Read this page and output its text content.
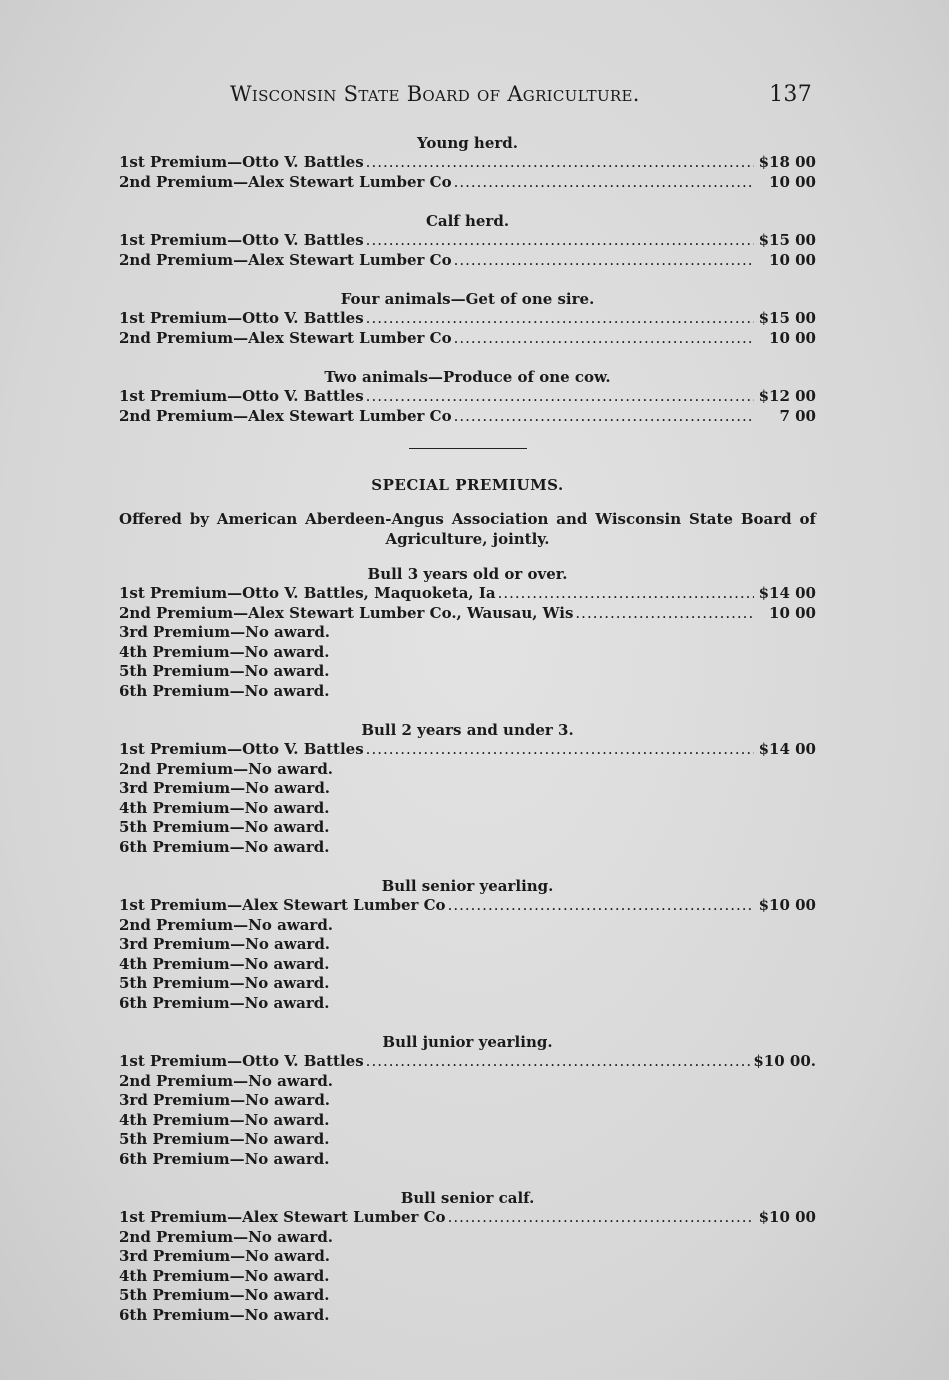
Wisconsin State Board of Agriculture.	137
Young herd.
1st Premium—Otto V. Battles .....	$18 00
2nd Premium—Alex Stewart Lumber Co .....	10 00
Calf herd.
1st Premium—Otto V. Battles .....	$15 00
2nd Premium—Alex Stewart Lumber Co .....	10 00
Four animals—Get of one sire.
1st Premium—Otto V. Battles .....	$15 00
2nd Premium—Alex Stewart Lumber Co .....	10 00
Two animals—Produce of one cow.
1st Premium—Otto V. Battles .....	$12 00
2nd Premium—Alex Stewart Lumber Co .....	7 00
SPECIAL PREMIUMS.
Offered by American Aberdeen-Angus Association and Wisconsin State Board of Agriculture, jointly.
Bull 3 years old or over.
1st Premium—Otto V. Battles, Maquoketa, Ia .....	$14 00
2nd Premium—Alex Stewart Lumber Co., Wausau, Wis .....	10 00
3rd Premium—No award.
4th Premium—No award.
5th Premium—No award.
6th Premium—No award.
Bull 2 years and under 3.
1st Premium—Otto V. Battles .....	$14 00
2nd Premium—No award.
3rd Premium—No award.
4th Premium—No award.
5th Premium—No award.
6th Premium—No award.
Bull senior yearling.
1st Premium—Alex Stewart Lumber Co .....	$10 00
2nd Premium—No award.
3rd Premium—No award.
4th Premium—No award.
5th Premium—No award.
6th Premium—No award.
Bull junior yearling.
1st Premium—Otto V. Battles .....	$10 00.
2nd Premium—No award.
3rd Premium—No award.
4th Premium—No award.
5th Premium—No award.
6th Premium—No award.
Bull senior calf.
1st Premium—Alex Stewart Lumber Co .....	$10 00
2nd Premium—No award.
3rd Premium—No award.
4th Premium—No award.
5th Premium—No award.
6th Premium—No award.
